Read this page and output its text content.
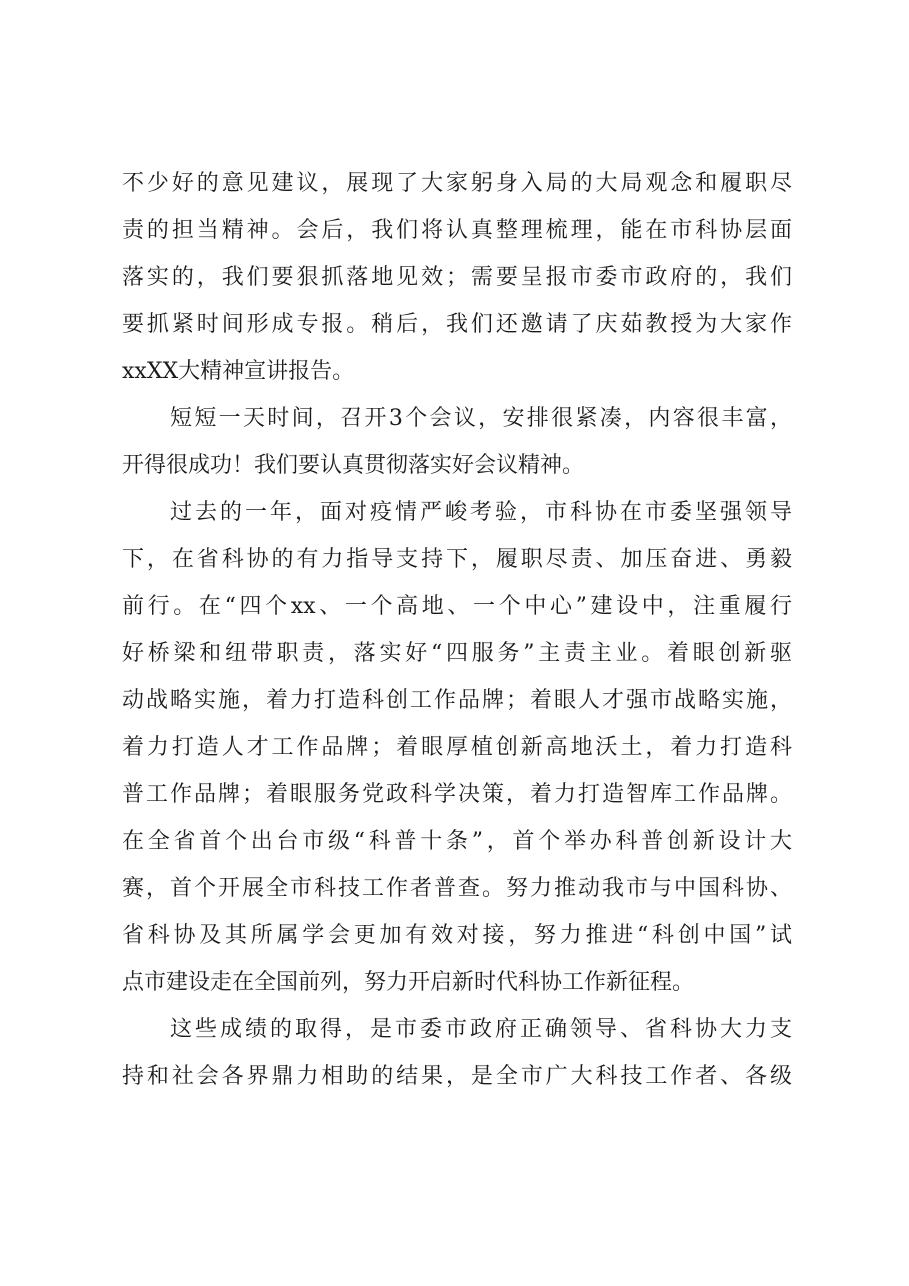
不少好的意见建议，展现了大家躬身入局的大局观念和履职尽
责的担当精神。会后，我们将认真整理梳理，能在市科协层面
落实的，我们要狠抓落地见效；需要呈报市委市政府的，我们
要抓紧时间形成专报。稍后，我们还邀请了庆茹教授为大家作
xxXX大精神宣讲报告。
短短一天时间，召开3个会议，安排很紧凑，内容很丰富，
开得很成功！我们要认真贯彻落实好会议精神。
过去的一年，面对疫情严峻考验，市科协在市委坚强领导
下，在省科协的有力指导支持下，履职尽责、加压奋进、勇毅
前行。在“四个xx、一个高地、一个中心”建设中，注重履行
好桥梁和纽带职责，落实好“四服务”主责主业。着眼创新驱
动战略实施，着力打造科创工作品牌；着眼人才强市战略实施，
着力打造人才工作品牌；着眼厚植创新高地沃土，着力打造科
普工作品牌；着眼服务党政科学决策，着力打造智库工作品牌。
在全省首个出台市级“科普十条”，首个举办科普创新设计大
赛，首个开展全市科技工作者普查。努力推动我市与中国科协、
省科协及其所属学会更加有效对接，努力推进“科创中国”试
点市建设走在全国前列，努力开启新时代科协工作新征程。
这些成绩的取得，是市委市政府正确领导、省科协大力支
持和社会各界鼎力相助的结果，是全市广大科技工作者、各级
